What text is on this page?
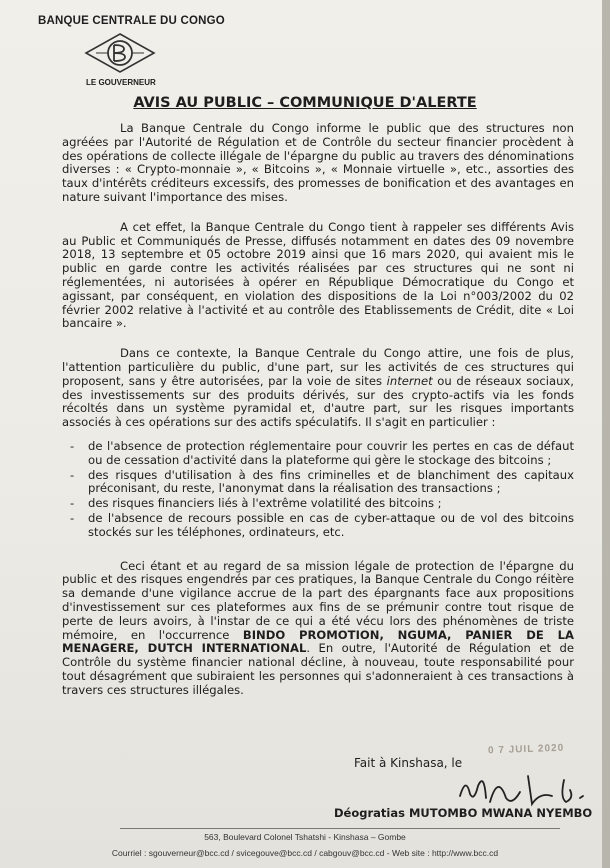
BANQUE CENTRALE DU CONGO
LE GOUVERNEUR
AVIS AU PUBLIC – COMMUNIQUE D'ALERTE

La Banque Centrale du Congo informe le public que des structures non agréées par l'Autorité de Régulation et de Contrôle du secteur financier procèdent à des opérations de collecte illégale de l'épargne du public au travers des dénominations diverses : « Crypto-monnaie », « Bitcoins », « Monnaie virtuelle », etc., assorties des taux d'intérêts créditeurs excessifs, des promesses de bonification et des avantages en nature suivant l'importance des mises.

A cet effet, la Banque Centrale du Congo tient à rappeler ses différents Avis au Public et Communiqués de Presse, diffusés notamment en dates des 09 novembre 2018, 13 septembre et 05 octobre 2019 ainsi que 16 mars 2020, qui avaient mis le public en garde contre les activités réalisées par ces structures qui ne sont ni réglementées, ni autorisées à opérer en République Démocratique du Congo et agissant, par conséquent, en violation des dispositions de la Loi n°003/2002 du 02 février 2002 relative à l'activité et au contrôle des Etablissements de Crédit, dite « Loi bancaire ».

Dans ce contexte, la Banque Centrale du Congo attire, une fois de plus, l'attention particulière du public, d'une part, sur les activités de ces structures qui proposent, sans y être autorisées, par la voie de sites internet ou de réseaux sociaux, des investissements sur des produits dérivés, sur des crypto-actifs via les fonds récoltés dans un système pyramidal et, d'autre part, sur les risques importants associés à ces opérations sur des actifs spéculatifs. Il s'agit en particulier :

- de l'absence de protection réglementaire pour couvrir les pertes en cas de défaut ou de cessation d'activité dans la plateforme qui gère le stockage des bitcoins ;
- des risques d'utilisation à des fins criminelles et de blanchiment des capitaux préconisant, du reste, l'anonymat dans la réalisation des transactions ;
- des risques financiers liés à l'extrême volatilité des bitcoins ;
- de l'absence de recours possible en cas de cyber-attaque ou de vol des bitcoins stockés sur les téléphones, ordinateurs, etc.

Ceci étant et au regard de sa mission légale de protection de l'épargne du public et des risques engendrés par ces pratiques, la Banque Centrale du Congo réitère sa demande d'une vigilance accrue de la part des épargnants face aux propositions d'investissement sur ces plateformes aux fins de se prémunir contre tout risque de perte de leurs avoirs, à l'instar de ce qui a été vécu lors des phénomènes de triste mémoire, en l'occurrence BINDO PROMOTION, NGUMA, PANIER DE LA MENAGERE, DUTCH INTERNATIONAL. En outre, l'Autorité de Régulation et de Contrôle du système financier national décline, à nouveau, toute responsabilité pour tout désagrément que subiraient les personnes qui s'adonneraient à ces transactions à travers ces structures illégales.

Fait à Kinshasa, le
0 7 JUIL 2020
Déogratias MUTOMBO MWANA NYEMBO
563, Boulevard Colonel Tshatshi - Kinshasa – Gombe
Courriel : sgouverneur@bcc.cd / svicegouve@bcc.cd / cabgouv@bcc.cd - Web site : http://www.bcc.cd
